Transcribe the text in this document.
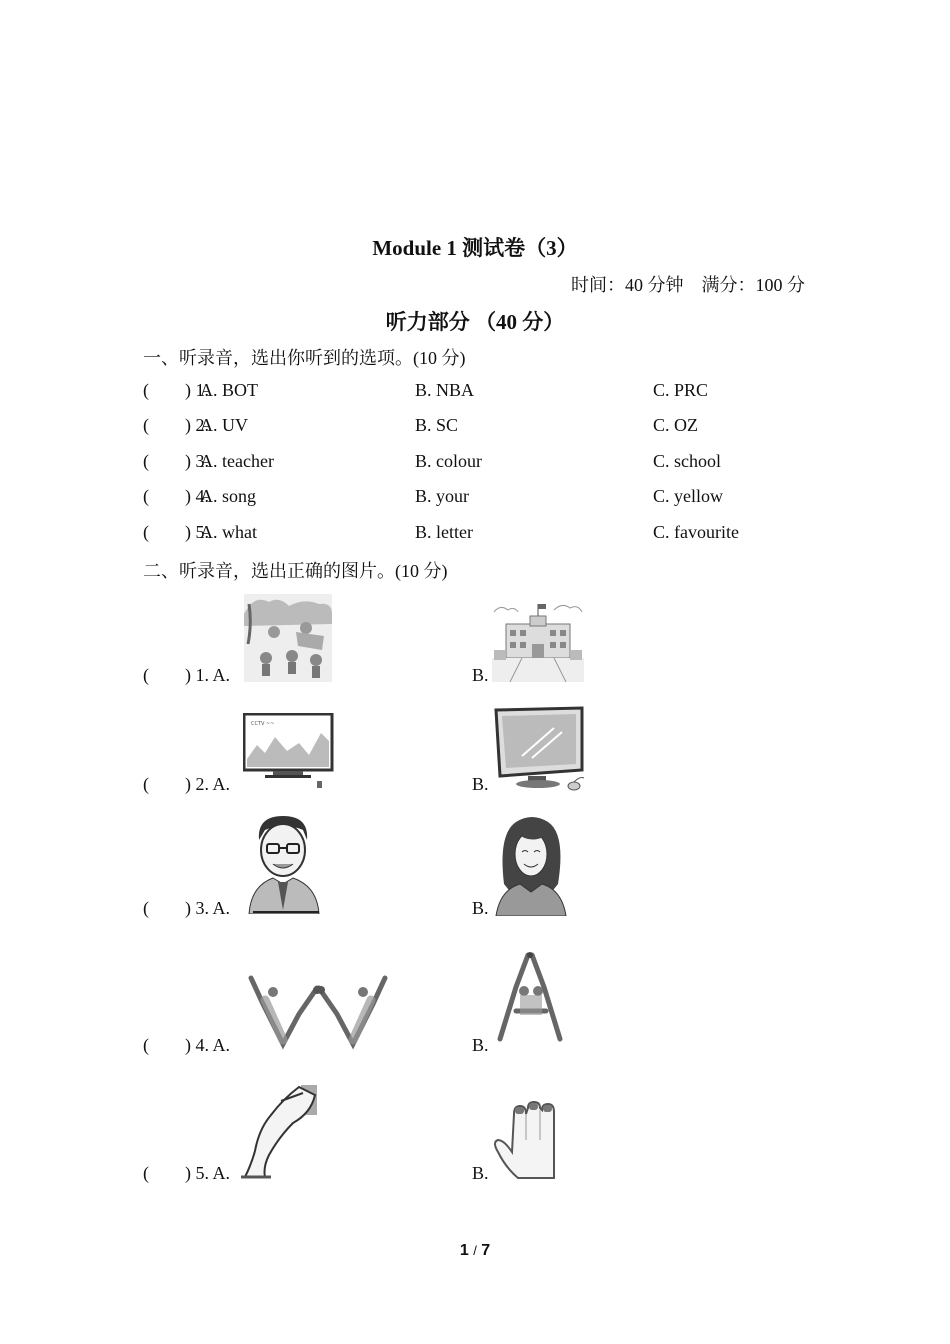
Module 1 测试卷（3）
时间：40 分钟    满分：100 分
听力部分 （40 分）
一、听录音，选出你听到的选项。(10 分)
(        ) 1.
A. BOT	B. NBA	C. PRC
(        ) 2.
A. UV	B. SC	C. OZ
(        ) 3.
A. teacher	B. colour	C. school
(        ) 4.
A. song	B. your	C. yellow
(        ) 5.
A. what	B. letter	C. favourite
二、听录音，选出正确的图片。(10 分)
(        ) 1. A.	B.
(        ) 2. A.
CCTV ~~
B.
(        ) 3. A.	B.
(        ) 4. A.	B.
(        ) 5. A.	B.
1 / 7
